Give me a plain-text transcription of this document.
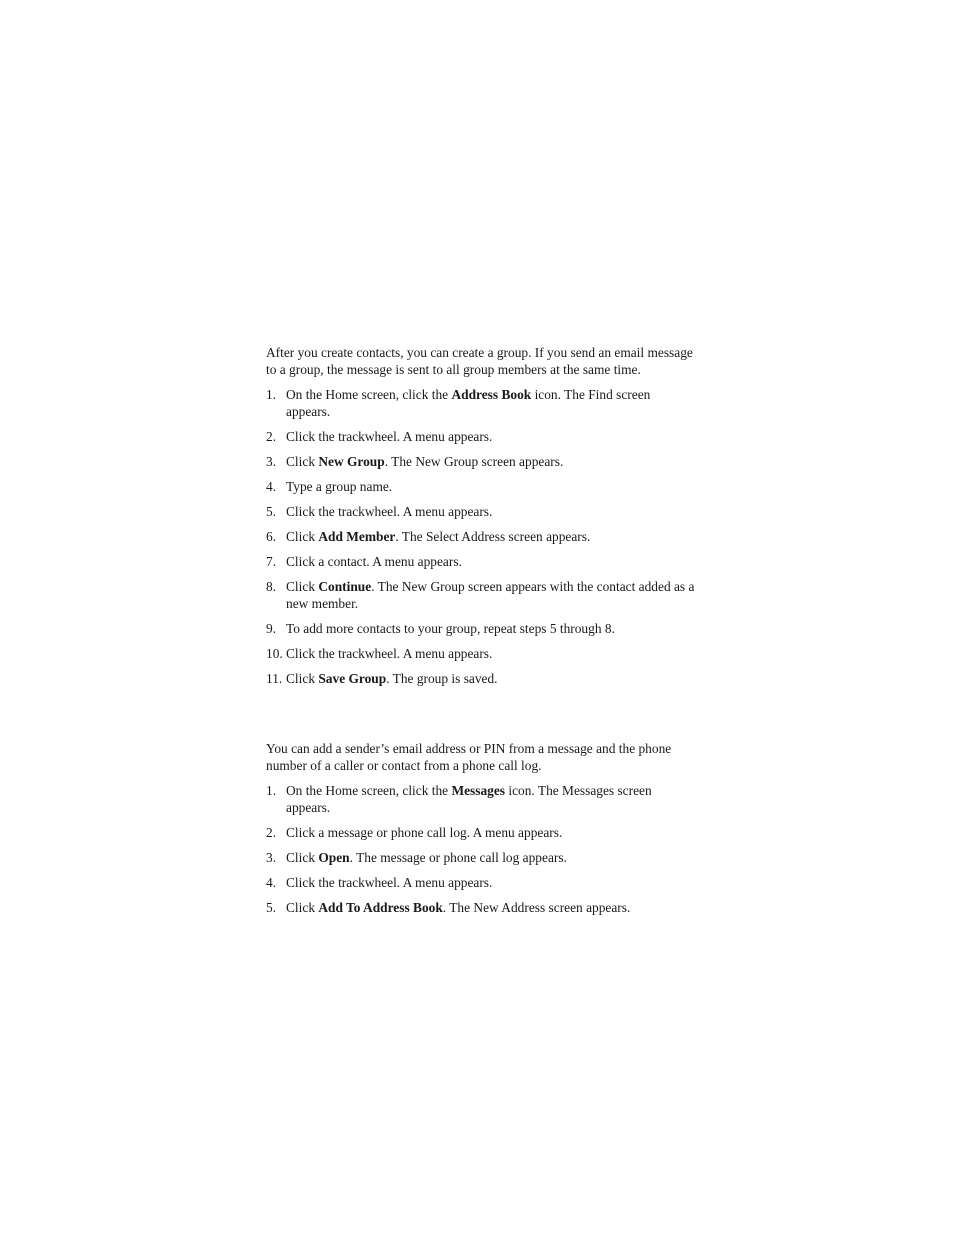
After you create contacts, you can create a group. If you send an email message to a group, the message is sent to all group members at the same time.

1. On the Home screen, click the Address Book icon. The Find screen appears.
2. Click the trackwheel. A menu appears.
3. Click New Group. The New Group screen appears.
4. Type a group name.
5. Click the trackwheel. A menu appears.
6. Click Add Member. The Select Address screen appears.
7. Click a contact. A menu appears.
8. Click Continue. The New Group screen appears with the contact added as a new member.
9. To add more contacts to your group, repeat steps 5 through 8.
10. Click the trackwheel. A menu appears.
11. Click Save Group. The group is saved.

You can add a sender’s email address or PIN from a message and the phone number of a caller or contact from a phone call log.

1. On the Home screen, click the Messages icon. The Messages screen appears.
2. Click a message or phone call log. A menu appears.
3. Click Open. The message or phone call log appears.
4. Click the trackwheel. A menu appears.
5. Click Add To Address Book. The New Address screen appears.
